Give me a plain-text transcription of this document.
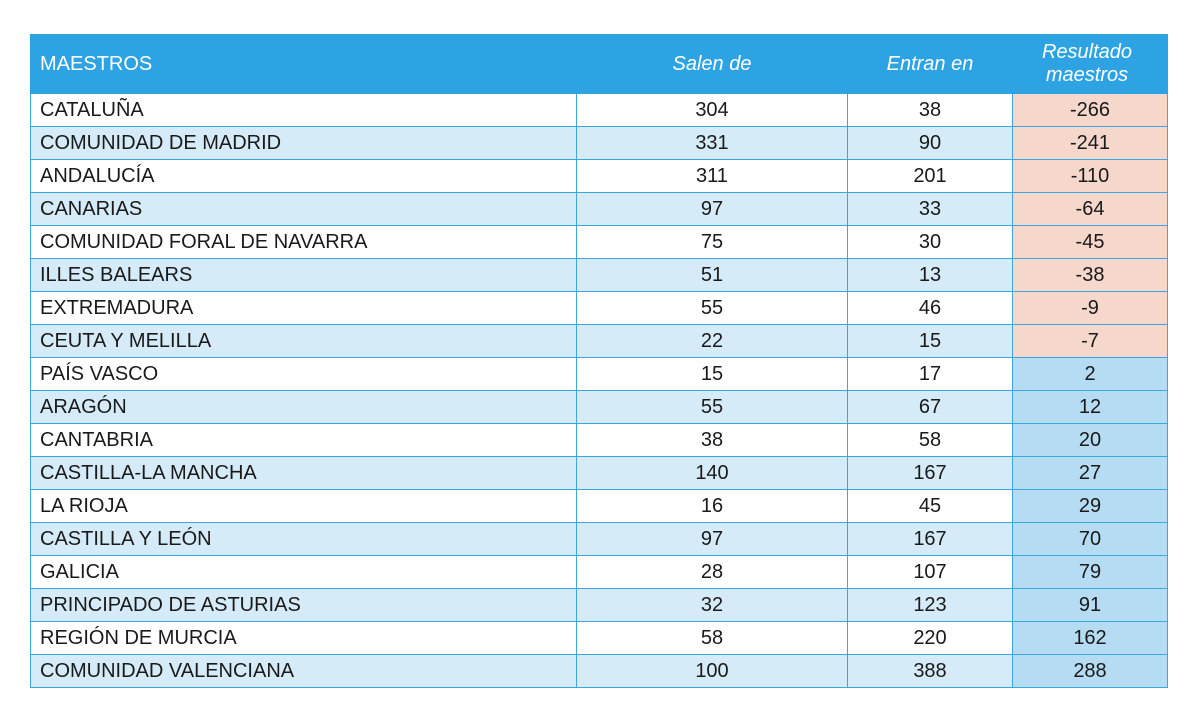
MAESTROS	Salen de	Entran en	Resultado maestros
CATALUÑA	304	38	-266
COMUNIDAD DE MADRID	331	90	-241
ANDALUCÍA	311	201	-110
CANARIAS	97	33	-64
COMUNIDAD FORAL DE NAVARRA	75	30	-45
ILLES BALEARS	51	13	-38
EXTREMADURA	55	46	-9
CEUTA Y MELILLA	22	15	-7
PAÍS VASCO	15	17	2
ARAGÓN	55	67	12
CANTABRIA	38	58	20
CASTILLA-LA MANCHA	140	167	27
LA RIOJA	16	45	29
CASTILLA Y LEÓN	97	167	70
GALICIA	28	107	79
PRINCIPADO DE ASTURIAS	32	123	91
REGIÓN DE MURCIA	58	220	162
COMUNIDAD VALENCIANA	100	388	288
